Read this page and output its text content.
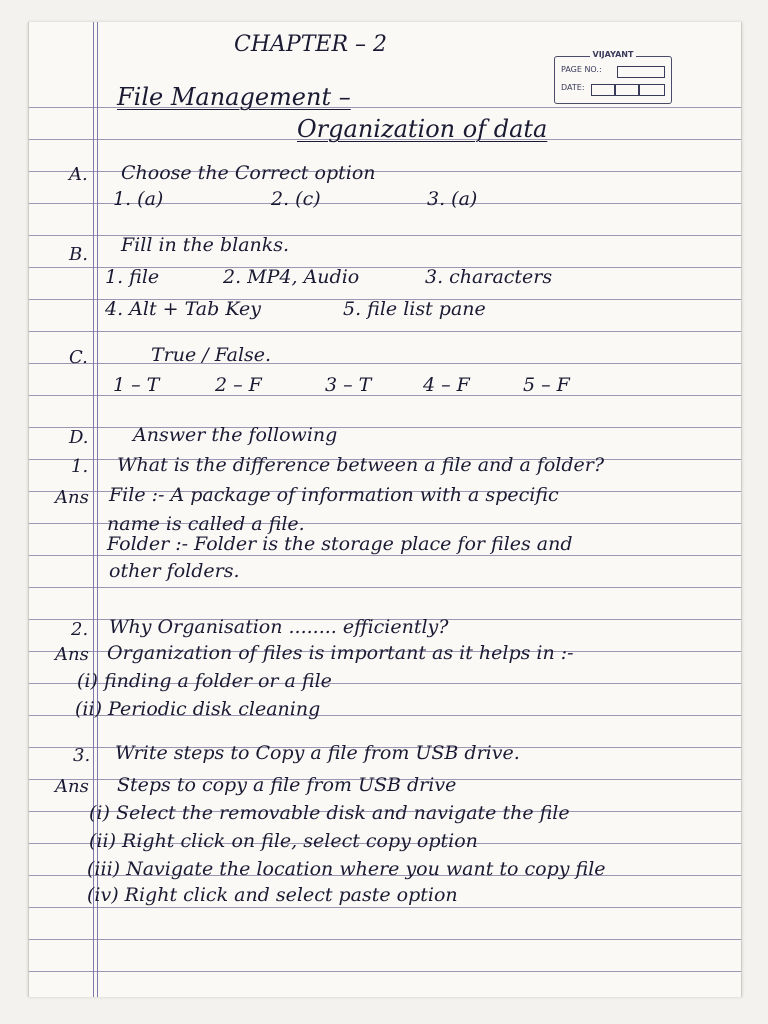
VIJAYANT
PAGE NO.:
DATE:
CHAPTER – 2
File Management –
Organization of data
A. Choose the Correct option
1. (a)	2. (c)	3. (a)
B. Fill in the blanks.
1. file	2. MP4, Audio	3. characters
4. Alt + Tab Key	5. file list pane
C.	True / False.
1 – T	2 – F	3 – T	4 – F	5 – F
D. Answer the following
1. What is the difference between a file and a folder?
Ans File :- A package of information with a specific
name is called a file.
Folder :- Folder is the storage place for files and
other folders.
2. Why Organisation ........ efficiently?
Ans Organization of files is important as it helps in :-
(i) finding a folder or a file
(ii) Periodic disk cleaning
3. Write steps to Copy a file from USB drive.
Ans Steps to copy a file from USB drive
(i) Select the removable disk and navigate the file
(ii) Right click on file, select copy option
(iii) Navigate the location where you want to copy file
(iv) Right click and select paste option
